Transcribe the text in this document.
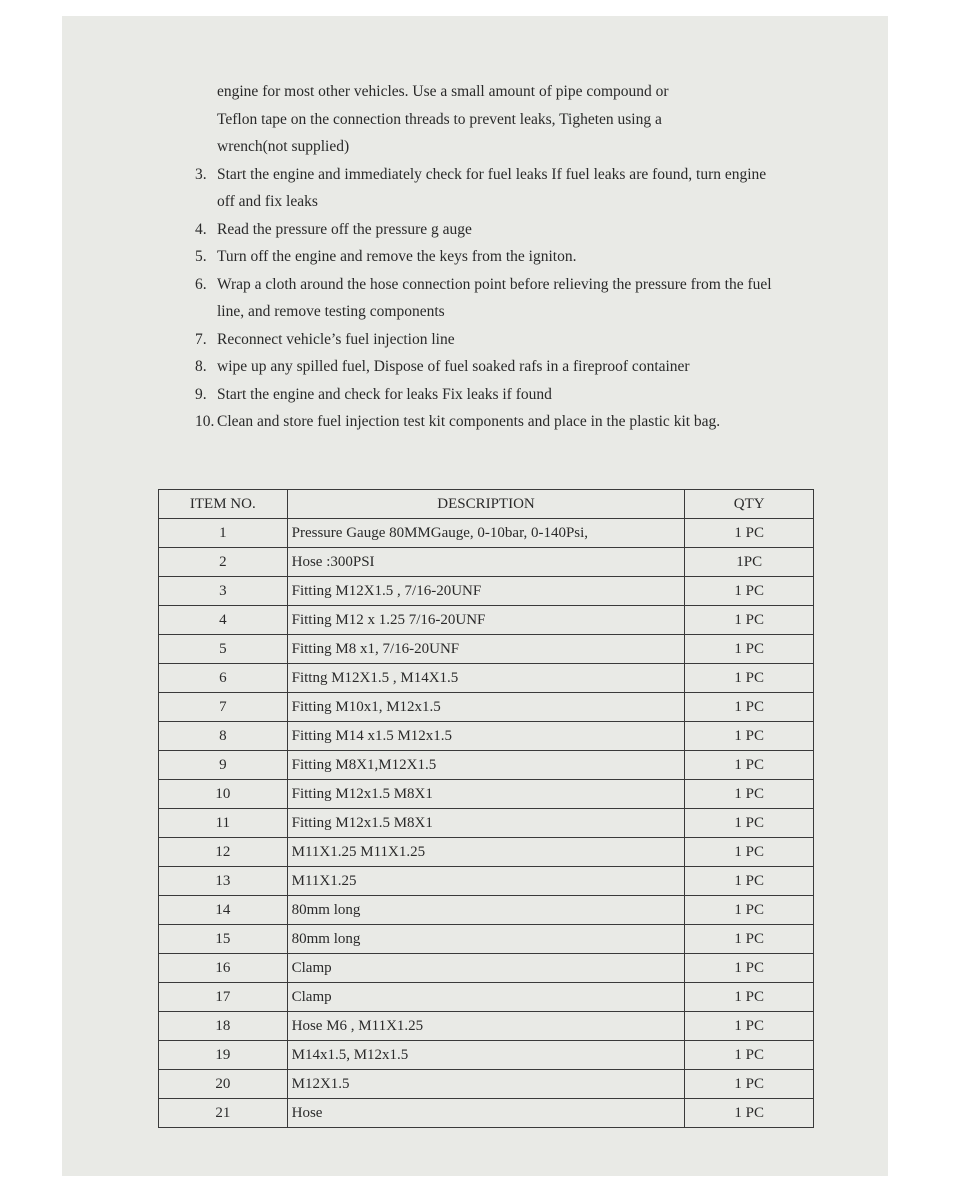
engine for most other vehicles. Use a small amount of pipe compound or

Teflon tape on the connection threads to prevent leaks, Tigheten using a

wrench(not supplied)

3. Start the engine and immediately check for fuel leaks If fuel leaks are found, turn engine off and fix leaks
4. Read the pressure off the pressure g auge
5. Turn off the engine and remove the keys from the igniton.
6. Wrap a cloth around the hose connection point before relieving the pressure from the fuel line, and remove testing components
7. Reconnect vehicle’s fuel injection line
8. wipe up any spilled fuel, Dispose of fuel soaked rafs in a fireproof container
9. Start the engine and check for leaks Fix leaks if found
10. Clean and store fuel injection test kit components and place in the plastic kit bag.
ITEM NO.	DESCRIPTION	QTY
1	Pressure Gauge 80MMGauge, 0-10bar, 0-140Psi,	1 PC
2	Hose :300PSI	1PC
3	Fitting M12X1.5 , 7/16-20UNF	1 PC
4	Fitting M12 x 1.25 7/16-20UNF	1 PC
5	Fitting M8 x1, 7/16-20UNF	1 PC
6	Fittng M12X1.5 , M14X1.5	1 PC
7	Fitting M10x1, M12x1.5	1 PC
8	Fitting M14 x1.5 M12x1.5	1 PC
9	Fitting M8X1,M12X1.5	1 PC
10	Fitting M12x1.5 M8X1	1 PC
11	Fitting M12x1.5 M8X1	1 PC
12	M11X1.25 M11X1.25	1 PC
13	M11X1.25	1 PC
14	80mm long	1 PC
15	80mm long	1 PC
16	Clamp	1 PC
17	Clamp	1 PC
18	Hose M6 , M11X1.25	1 PC
19	M14x1.5, M12x1.5	1 PC
20	M12X1.5	1 PC
21	Hose	1 PC
